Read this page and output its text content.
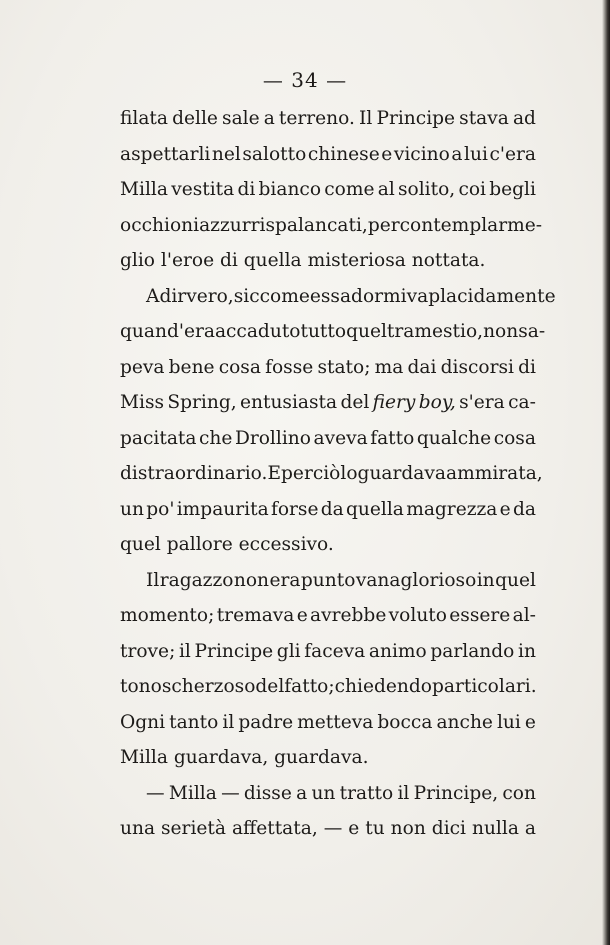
— 34 —
filata delle sale a terreno. Il Principe stava ad
aspettarli nel salotto chinese e vicino a lui c'era
Milla vestita di bianco come al solito, coi begli
occhioni azzurri spalancati, per contemplar me-
glio
l'eroe
di
quella
misteriosa
nottata.
A dir vero, siccome essa dormiva placidamente
quand'era accaduto tutto quel tramestio, non sa-
peva bene cosa fosse stato; ma dai discorsi di
Miss Spring, entusiasta del fiery boy, s'era ca-
pacitata che Drollino aveva fatto qualche cosa
di straordinario. E perciò lo guardava ammirata,
un po' impaurita forse da quella magrezza e da
quel
pallore
eccessivo.
Il ragazzo non era punto vanaglorioso in quel
momento; tremava e avrebbe voluto essere al-
trove; il Principe gli faceva animo parlando in
tono scherzoso del fatto; chiedendo particolari.
Ogni tanto il padre metteva bocca anche lui e
Milla
guardava,
guardava.
— Milla — disse a un tratto il Principe, con
una serietà affettata, — e tu non dici nulla a
